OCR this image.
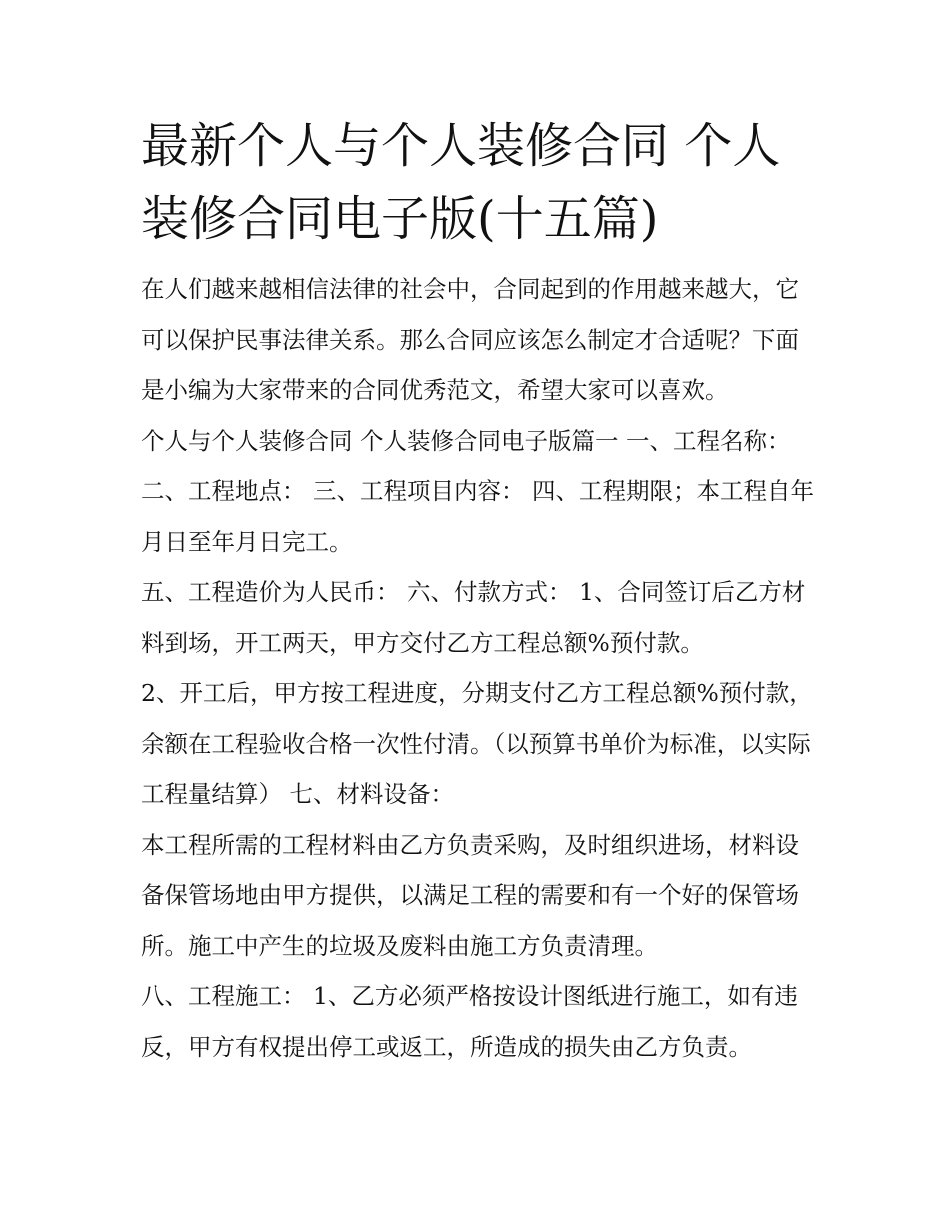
最新个人与个人装修合同 个人装修合同电子版(十五篇)

在人们越来越相信法律的社会中，合同起到的作用越来越大，它可以保护民事法律关系。那么合同应该怎么制定才合适呢？下面是小编为大家带来的合同优秀范文，希望大家可以喜欢。

个人与个人装修合同 个人装修合同电子版篇一 一、工程名称： 二、工程地点： 三、工程项目内容： 四、工程期限；本工程自年月日至年月日完工。

五、工程造价为人民币： 六、付款方式： 1、合同签订后乙方材料到场，开工两天，甲方交付乙方工程总额%预付款。

2、开工后，甲方按工程进度，分期支付乙方工程总额%预付款，余额在工程验收合格一次性付清。（以预算书单价为标准，以实际工程量结算） 七、材料设备：

本工程所需的工程材料由乙方负责采购，及时组织进场，材料设备保管场地由甲方提供，以满足工程的需要和有一个好的保管场所。施工中产生的垃圾及废料由施工方负责清理。

八、工程施工： 1、乙方必须严格按设计图纸进行施工，如有违反，甲方有权提出停工或返工，所造成的损失由乙方负责。
